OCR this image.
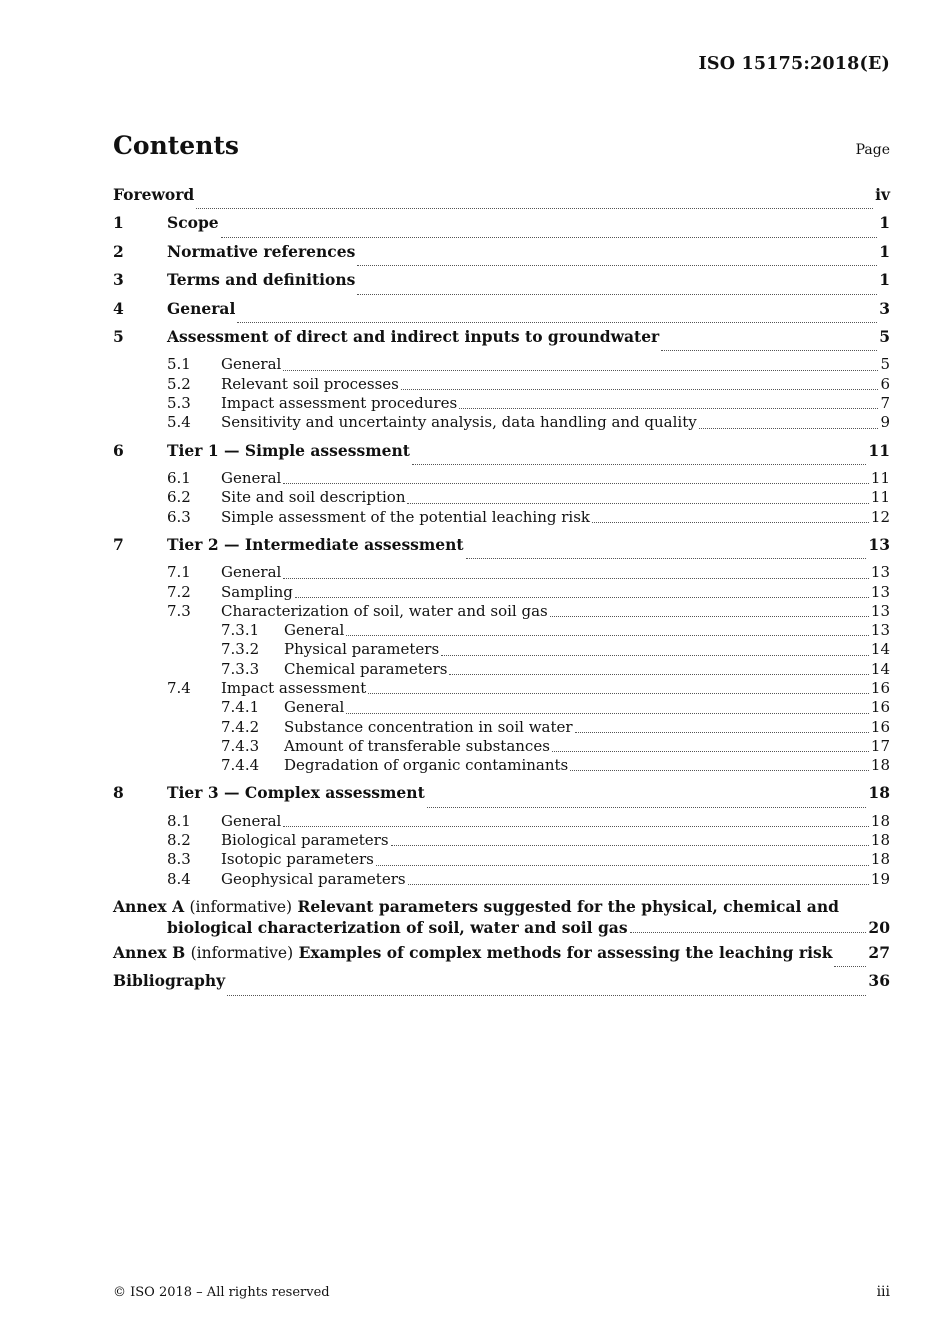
ISO 15175:2018(E)
Contents	Page
Foreword	iv
1	Scope	1
2	Normative references	1
3	Terms and definitions	1
4	General	3
5	Assessment of direct and indirect inputs to groundwater	5
5.1	General	5
5.2	Relevant soil processes	6
5.3	Impact assessment procedures	7
5.4	Sensitivity and uncertainty analysis, data handling and quality	9
6	Tier 1 — Simple assessment	11
6.1	General	11
6.2	Site and soil description	11
6.3	Simple assessment of the potential leaching risk	12
7	Tier 2 — Intermediate assessment	13
7.1	General	13
7.2	Sampling	13
7.3	Characterization of soil, water and soil gas	13
7.3.1	General	13
7.3.2	Physical parameters	14
7.3.3	Chemical parameters	14
7.4	Impact assessment	16
7.4.1	General	16
7.4.2	Substance concentration in soil water	16
7.4.3	Amount of transferable substances	17
7.4.4	Degradation of organic contaminants	18
8	Tier 3 — Complex assessment	18
8.1	General	18
8.2	Biological parameters	18
8.3	Isotopic parameters	18
8.4	Geophysical parameters	19
Annex A (informative) Relevant parameters suggested for the physical, chemical and
biological characterization of soil, water and soil gas	20
Annex B (informative) Examples of complex methods for assessing the leaching risk 27
Bibliography	36
© ISO 2018 – All rights reserved	iii
